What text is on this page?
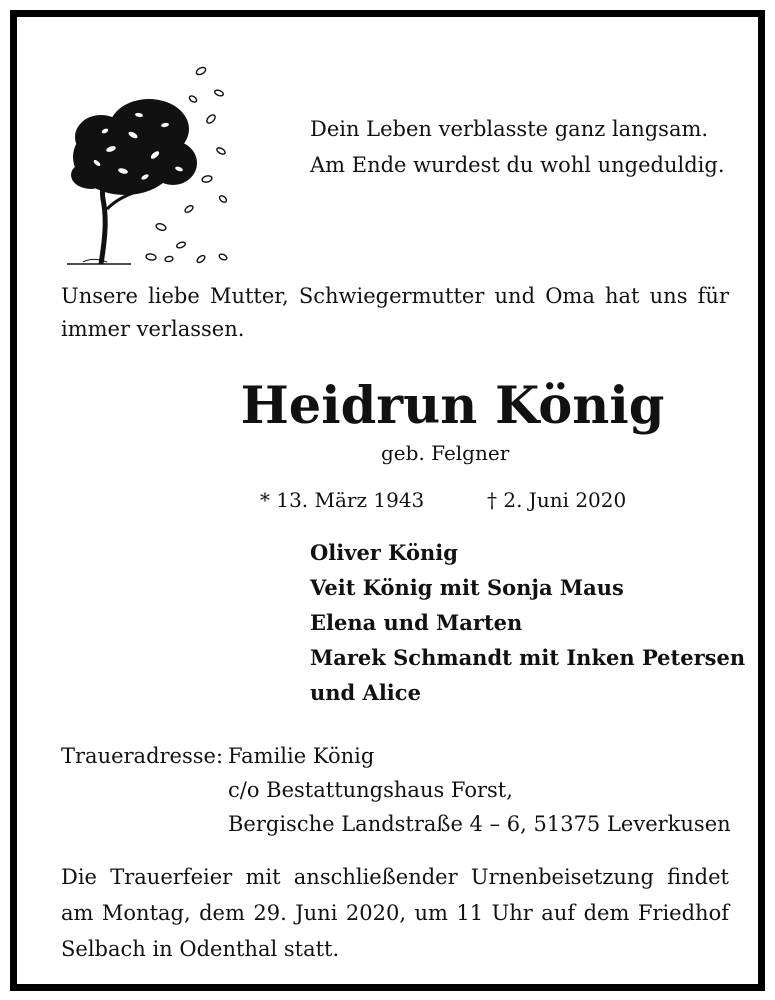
Dein Leben verblasste ganz langsam.
Am Ende wurdest du wohl ungeduldig.
Unsere liebe Mutter, Schwiegermutter und Oma hat uns für immer verlassen.
Heidrun König
geb. Felgner
* 13. März 1943	† 2. Juni 2020
Oliver König
Veit König mit Sonja Maus
Elena und Marten
Marek Schmandt mit Inken Petersen
und Alice
Traueradresse: Familie König
c/o Bestattungshaus Forst,
Bergische Landstraße 4 – 6, 51375 Leverkusen
Die Trauerfeier mit anschließender Urnenbeisetzung findet am Montag, dem 29. Juni 2020, um 11 Uhr auf dem Friedhof Selbach in Odenthal statt.
